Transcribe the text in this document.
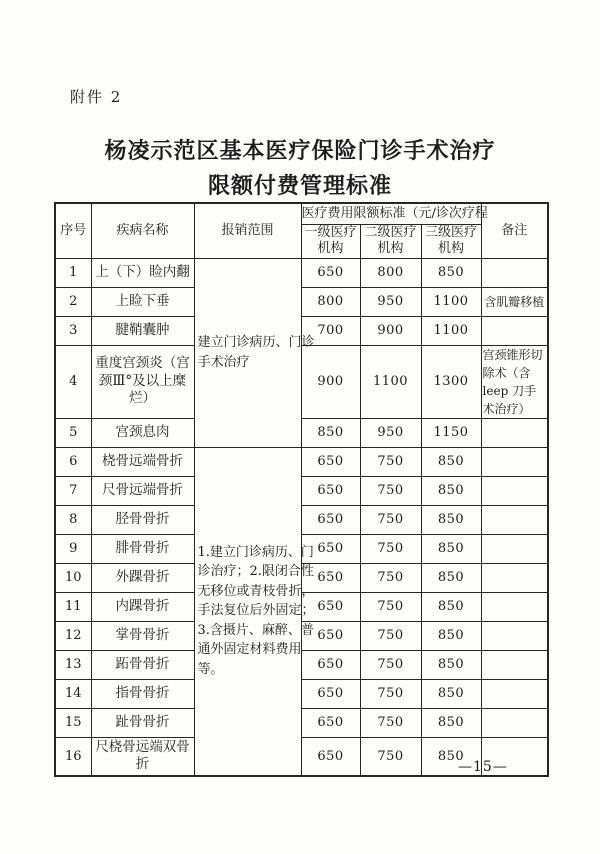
附件 2
杨凌示范区基本医疗保险门诊手术治疗
限额付费管理标准
序号	疾病名称	报销范围	医疗费用限额标准（元/诊次疗程			备注
			一级医疗机构	二级医疗机构	三级医疗机构	
1	上（下）睑内翻	建立门诊病历、门诊手术治疗	650	800	850	
2	上睑下垂		800	950	1100	含肌瓣移植
3	腱鞘囊肿		700	900	1100	
4	重度宫颈炎（宫颈Ⅲ°及以上糜烂）		900	1100	1300	宫颈锥形切除术（含 leep 刀手术治疗）
5	宫颈息肉		850	950	1150	
6	桡骨远端骨折	1.建立门诊病历、门诊治疗；2.限闭合性无移位或青枝骨折，手法复位后外固定；3.含摄片、麻醉、普通外固定材料费用等。	650	750	850	
7	尺骨远端骨折		650	750	850	
8	胫骨骨折		650	750	850	
9	腓骨骨折		650	750	850	
10	外踝骨折		650	750	850	
11	内踝骨折		650	750	850	
12	掌骨骨折		650	750	850	
13	跖骨骨折		650	750	850	
14	指骨骨折		650	750	850	
15	趾骨骨折		650	750	850	
16	尺桡骨远端双骨折		650	750	850	
—15—
